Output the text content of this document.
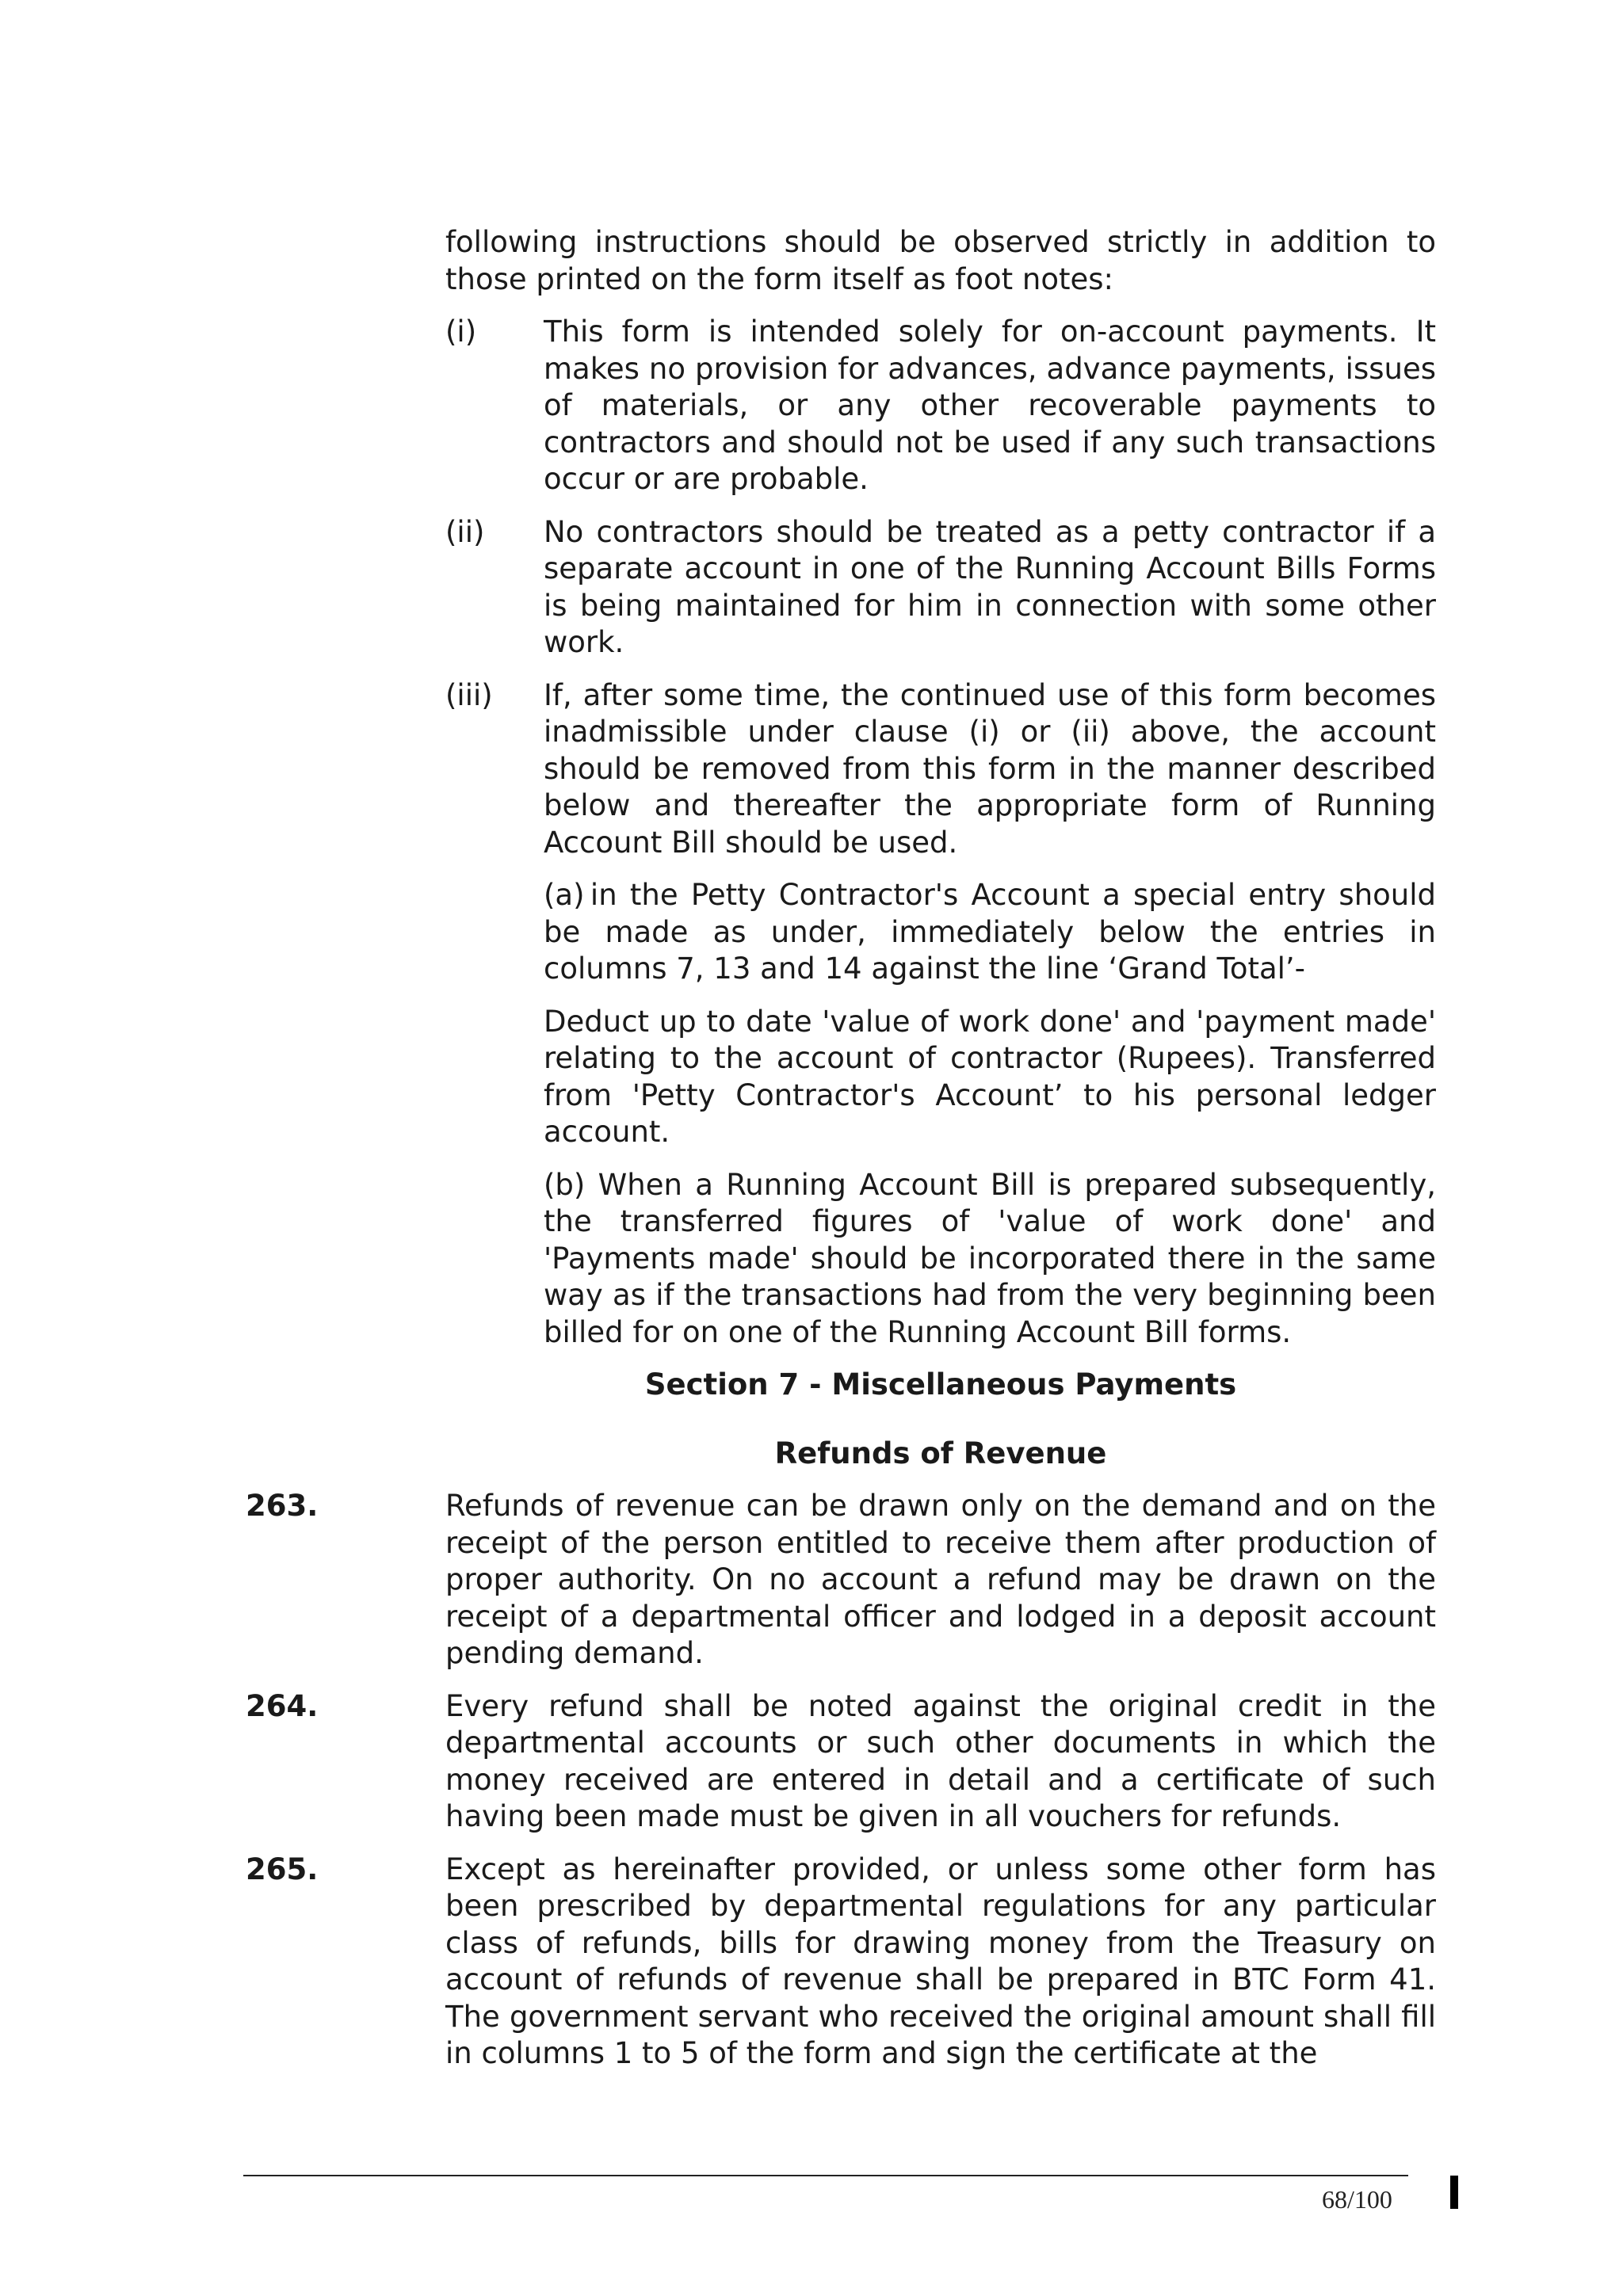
following instructions should be observed strictly in addition to those printed on the form itself as foot notes:

(i) This form is intended solely for on-account payments. It makes no provision for advances, advance payments, issues of materials, or any other recoverable payments to contractors and should not be used if any such transactions occur or are probable.

(ii) No contractors should be treated as a petty contractor if a separate account in one of the Running Account Bills Forms is being maintained for him in connection with some other work.

(iii) If, after some time, the continued use of this form becomes inadmissible under clause (i) or (ii) above, the account should be removed from this form in the manner described below and thereafter the appropriate form of Running Account Bill should be used.

(a) in the Petty Contractor's Account a special entry should be made as under, immediately below the entries in columns 7, 13 and 14 against the line ‘Grand Total’-

Deduct up to date 'value of work done' and 'payment made' relating to the account of contractor (Rupees). Transferred from 'Petty Contractor's Account’ to his personal ledger account.

(b) When a Running Account Bill is prepared subsequently, the transferred figures of 'value of work done' and 'Payments made' should be incorporated there in the same way as if the transactions had from the very beginning been billed for on one of the Running Account Bill forms.

Section 7 - Miscellaneous Payments

Refunds of Revenue

263.	Refunds of revenue can be drawn only on the demand and on the receipt of the person entitled to receive them after production of proper authority. On no account a refund may be drawn on the receipt of a departmental officer and lodged in a deposit account pending demand.

264.	Every refund shall be noted against the original credit in the departmental accounts or such other documents in which the money received are entered in detail and a certificate of such having been made must be given in all vouchers for refunds.

265.	Except as hereinafter provided, or unless some other form has been prescribed by departmental regulations for any particular class of refunds, bills for drawing money from the Treasury on account of refunds of revenue shall be prepared in BTC Form 41. The government servant who received the original amount shall fill in columns 1 to 5 of the form and sign the certificate at the

68/100
